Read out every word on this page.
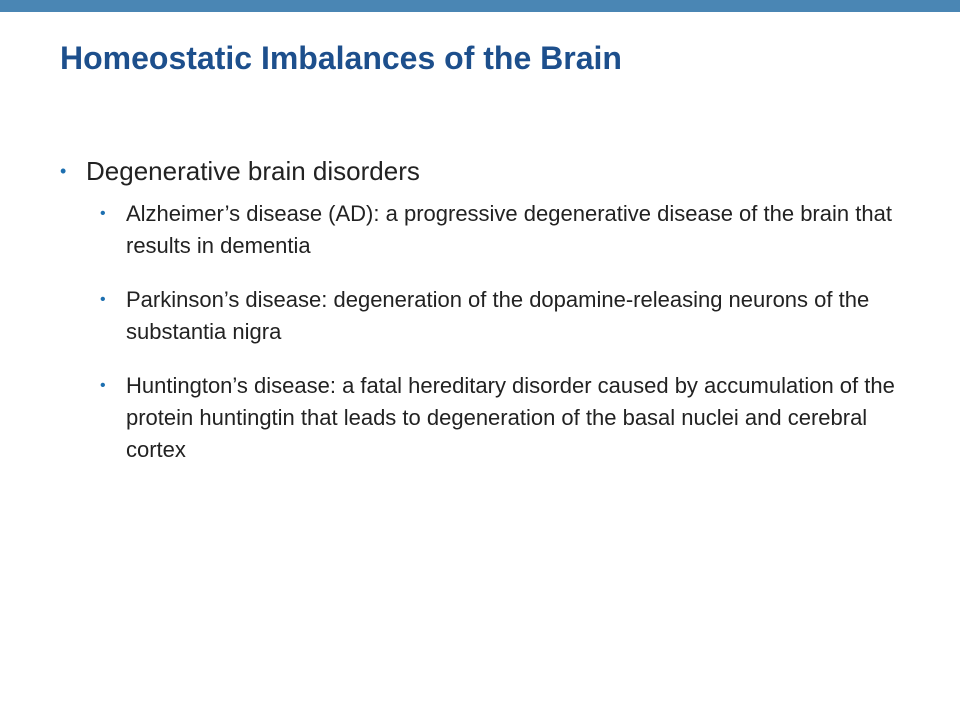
Homeostatic Imbalances of the Brain
• Degenerative brain disorders
• Alzheimer’s disease (AD): a progressive degenerative disease of the brain that results in dementia
• Parkinson’s disease: degeneration of the dopamine-releasing neurons of the substantia nigra
• Huntington’s disease: a fatal hereditary disorder caused by accumulation of the protein huntingtin that leads to degeneration of the basal nuclei and cerebral cortex
